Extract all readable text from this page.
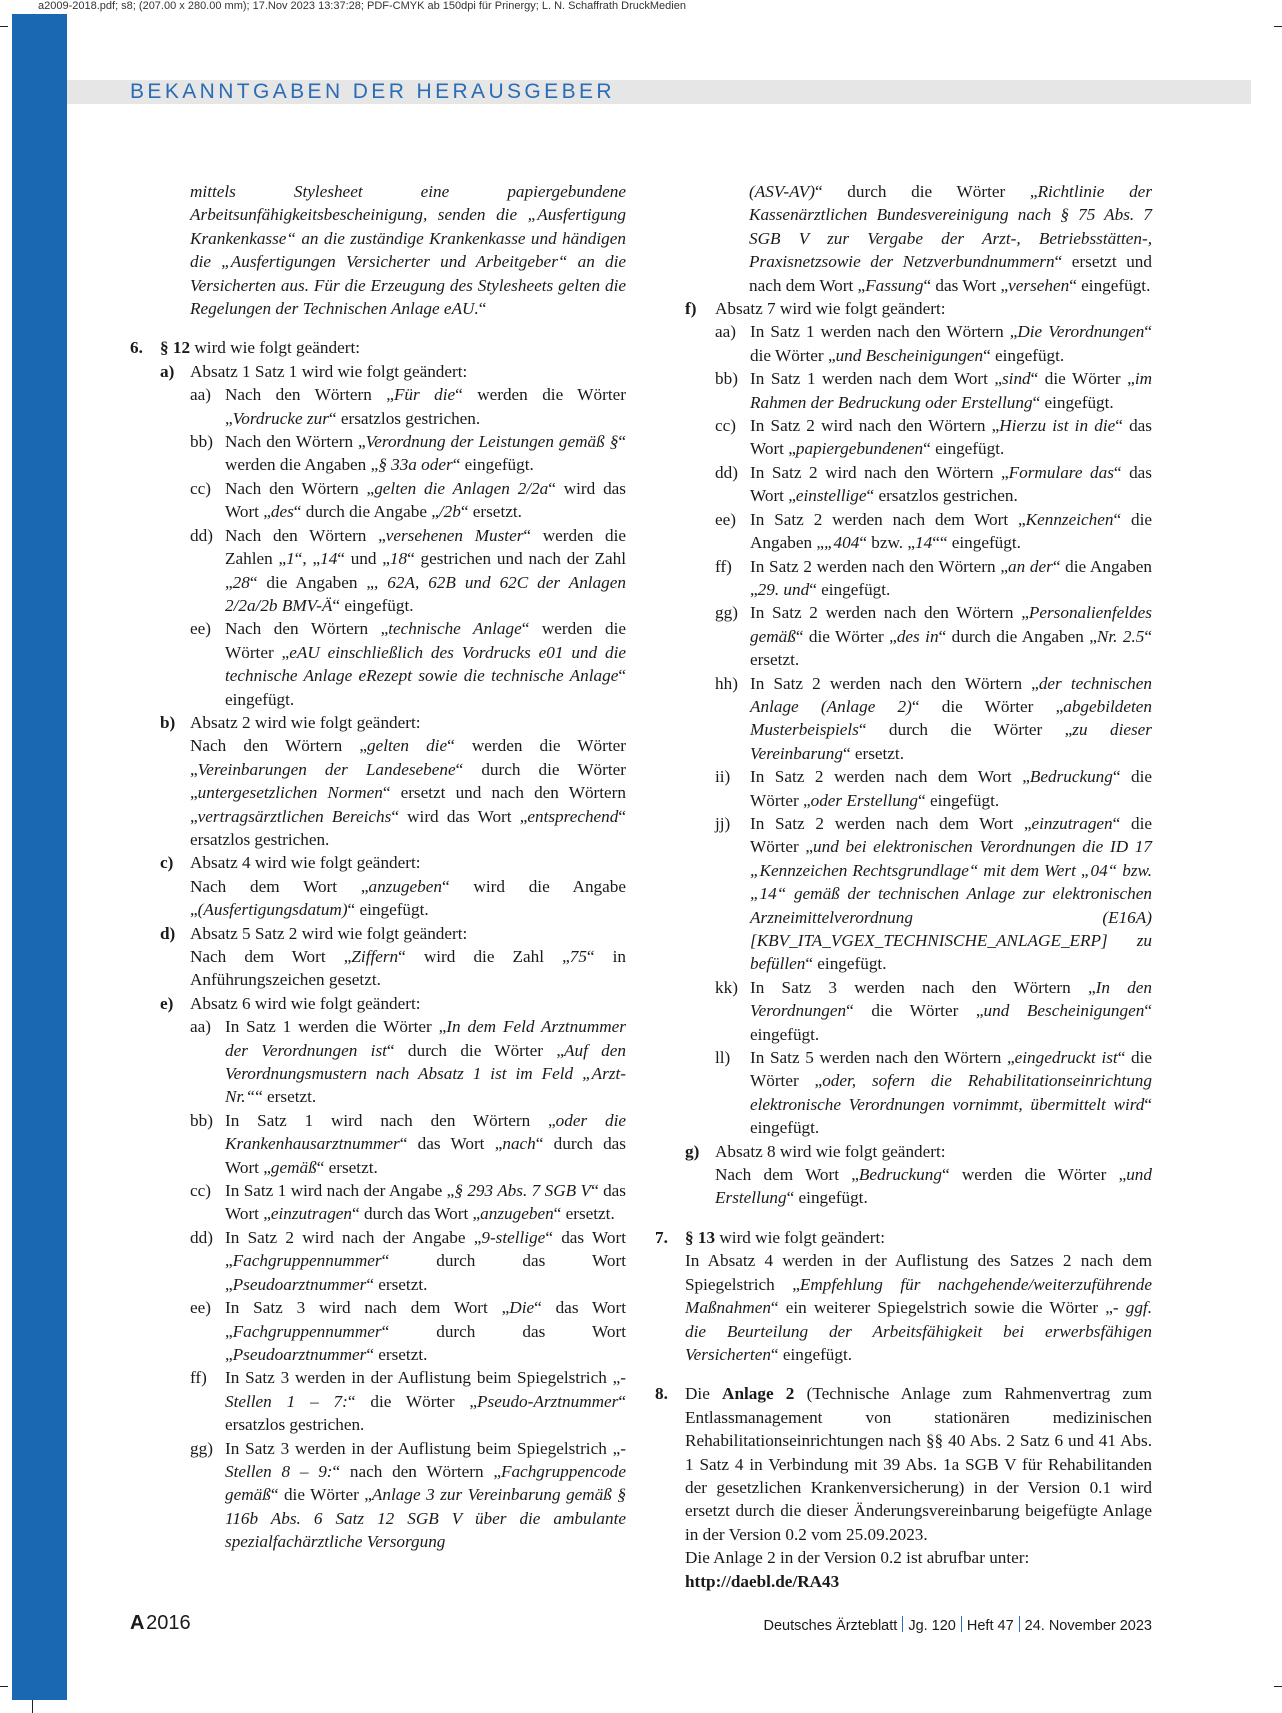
a2009-2018.pdf; s8; (207.00 x 280.00 mm); 17.Nov 2023 13:37:28; PDF-CMYK ab 150dpi für Prinergy; L. N. Schaffrath DruckMedien
BEKANNTGABEN DER HERAUSGEBER

mittels Stylesheet eine papiergebundene Arbeitsunfähigkeitsbescheinigung, senden die „Ausfertigung Krankenkasse“ an die zuständige Krankenkasse und händigen die „Ausfertigungen Versicherter und Arbeitgeber“ an die Versicherten aus. Für die Erzeugung des Stylesheets gelten die Regelungen der Technischen Anlage eAU.“

6. § 12 wird wie folgt geändert:
a) Absatz 1 Satz 1 wird wie folgt geändert:
aa) Nach den Wörtern „Für die“ werden die Wörter „Vordrucke zur“ ersatzlos gestrichen.
bb) Nach den Wörtern „Verordnung der Leistungen gemäß §“ werden die Angaben „§ 33a oder“ eingefügt.
cc) Nach den Wörtern „gelten die Anlagen 2/2a“ wird das Wort „des“ durch die Angabe „/2b“ ersetzt.
dd) Nach den Wörtern „versehenen Muster“ werden die Zahlen „1“, „14“ und „18“ gestrichen und nach der Zahl „28“ die Angaben „, 62A, 62B und 62C der Anlagen 2/2a/2b BMV-Ä“ eingefügt.
ee) Nach den Wörtern „technische Anlage“ werden die Wörter „eAU einschließlich des Vordrucks e01 und die technische Anlage eRezept sowie die technische Anlage“ eingefügt.
b) Absatz 2 wird wie folgt geändert:
Nach den Wörtern „gelten die“ werden die Wörter „Vereinbarungen der Landesebene“ durch die Wörter „untergesetzlichen Normen“ ersetzt und nach den Wörtern „vertragsärztlichen Bereichs“ wird das Wort „entsprechend“ ersatzlos gestrichen.
c) Absatz 4 wird wie folgt geändert:
Nach dem Wort „anzugeben“ wird die Angabe „(Ausfertigungsdatum)“ eingefügt.
d) Absatz 5 Satz 2 wird wie folgt geändert:
Nach dem Wort „Ziffern“ wird die Zahl „75“ in Anführungszeichen gesetzt.
e) Absatz 6 wird wie folgt geändert:
aa) In Satz 1 werden die Wörter „In dem Feld Arztnummer der Verordnungen ist“ durch die Wörter „Auf den Verordnungsmustern nach Absatz 1 ist im Feld „Arzt-Nr.““ ersetzt.
bb) In Satz 1 wird nach den Wörtern „oder die Krankenhausarztnummer“ das Wort „nach“ durch das Wort „gemäß“ ersetzt.
cc) In Satz 1 wird nach der Angabe „§ 293 Abs. 7 SGB V“ das Wort „einzutragen“ durch das Wort „anzugeben“ ersetzt.
dd) In Satz 2 wird nach der Angabe „9-stellige“ das Wort „Fachgruppennummer“ durch das Wort „Pseudoarztnummer“ ersetzt.
ee) In Satz 3 wird nach dem Wort „Die“ das Wort „Fachgruppennummer“ durch das Wort „Pseudoarztnummer“ ersetzt.
ff)	In Satz 3 werden in der Auflistung beim Spiegelstrich „- Stellen 1 – 7:“ die Wörter „Pseudo-Arztnummer“ ersatzlos gestrichen.
gg) In Satz 3 werden in der Auflistung beim Spiegelstrich „- Stellen 8 – 9:“ nach den Wörtern „Fachgruppencode gemäß“ die Wörter „Anlage 3 zur Vereinbarung gemäß § 116b Abs. 6 Satz 12 SGB V über die ambulante spezialfachärztliche Versorgung

(ASV-AV)“ durch die Wörter „Richtlinie der Kassenärztlichen Bundesvereinigung nach § 75 Abs. 7 SGB V zur Vergabe der Arzt-, Betriebsstätten-, Praxisnetzsowie der Netzverbundnummern“ ersetzt und nach dem Wort „Fassung“ das Wort „versehen“ eingefügt.

f)	Absatz 7 wird wie folgt geändert:
aa) In Satz 1 werden nach den Wörtern „Die Verordnungen“ die Wörter „und Bescheinigungen“ eingefügt.
bb) In Satz 1 werden nach dem Wort „sind“ die Wörter „im Rahmen der Bedruckung oder Erstellung“ eingefügt.
cc) In Satz 2 wird nach den Wörtern „Hierzu ist in die“ das Wort „papiergebundenen“ eingefügt.
dd) In Satz 2 wird nach den Wörtern „Formulare das“ das Wort „einstellige“ ersatzlos gestrichen.
ee) In Satz 2 werden nach dem Wort „Kennzeichen“ die Angaben „„404“ bzw. „14““ eingefügt.
ff)	In Satz 2 werden nach den Wörtern „an der“ die Angaben „29. und“ eingefügt.
gg) In Satz 2 werden nach den Wörtern „Personalienfeldes gemäß“ die Wörter „des in“ durch die Angaben „Nr. 2.5“ ersetzt.
hh) In Satz 2 werden nach den Wörtern „der technischen Anlage (Anlage 2)“ die Wörter „abgebildeten Musterbeispiels“ durch die Wörter „zu dieser Vereinbarung“ ersetzt.
ii)	In Satz 2 werden nach dem Wort „Bedruckung“ die Wörter „oder Erstellung“ eingefügt.
jj)	In Satz 2 werden nach dem Wort „einzutragen“ die Wörter „und bei elektronischen Verordnungen die ID 17 „Kennzeichen Rechtsgrundlage“ mit dem Wert „04“ bzw. „14“ gemäß der technischen Anlage zur elektronischen Arzneimittelverordnung (E16A) [KBV_ITA_VGEX_TECHNISCHE_ANLAGE_ERP] zu befüllen“ eingefügt.
kk) In Satz 3 werden nach den Wörtern „In den Verordnungen“ die Wörter „und Bescheinigungen“ eingefügt.
ll)	In Satz 5 werden nach den Wörtern „eingedruckt ist“ die Wörter „oder, sofern die Rehabilitationseinrichtung elektronische Verordnungen vornimmt, übermittelt wird“ eingefügt.
g) Absatz 8 wird wie folgt geändert:
Nach dem Wort „Bedruckung“ werden die Wörter „und Erstellung“ eingefügt.
7. § 13 wird wie folgt geändert:
In Absatz 4 werden in der Auflistung des Satzes 2 nach dem Spiegelstrich „Empfehlung für nachgehende/weiterzuführende Maßnahmen“ ein weiterer Spiegelstrich sowie die Wörter „- ggf. die Beurteilung der Arbeitsfähigkeit bei erwerbsfähigen Versicherten“ eingefügt.
8. Die Anlage 2 (Technische Anlage zum Rahmenvertrag zum Entlassmanagement von stationären medizinischen Rehabilitationseinrichtungen nach §§ 40 Abs. 2 Satz 6 und 41 Abs. 1 Satz 4 in Verbindung mit 39 Abs. 1a SGB V für Rehabilitanden der gesetzlichen Krankenversicherung) in der Version 0.1 wird ersetzt durch die dieser Änderungsvereinbarung beigefügte Anlage in der Version 0.2 vom 25.09.2023.
Die Anlage 2 in der Version 0.2 ist abrufbar unter:
http://daebl.de/RA43
A 2016	Deutsches Ärzteblatt Jg. 120 Heft 47 24. November 2023
